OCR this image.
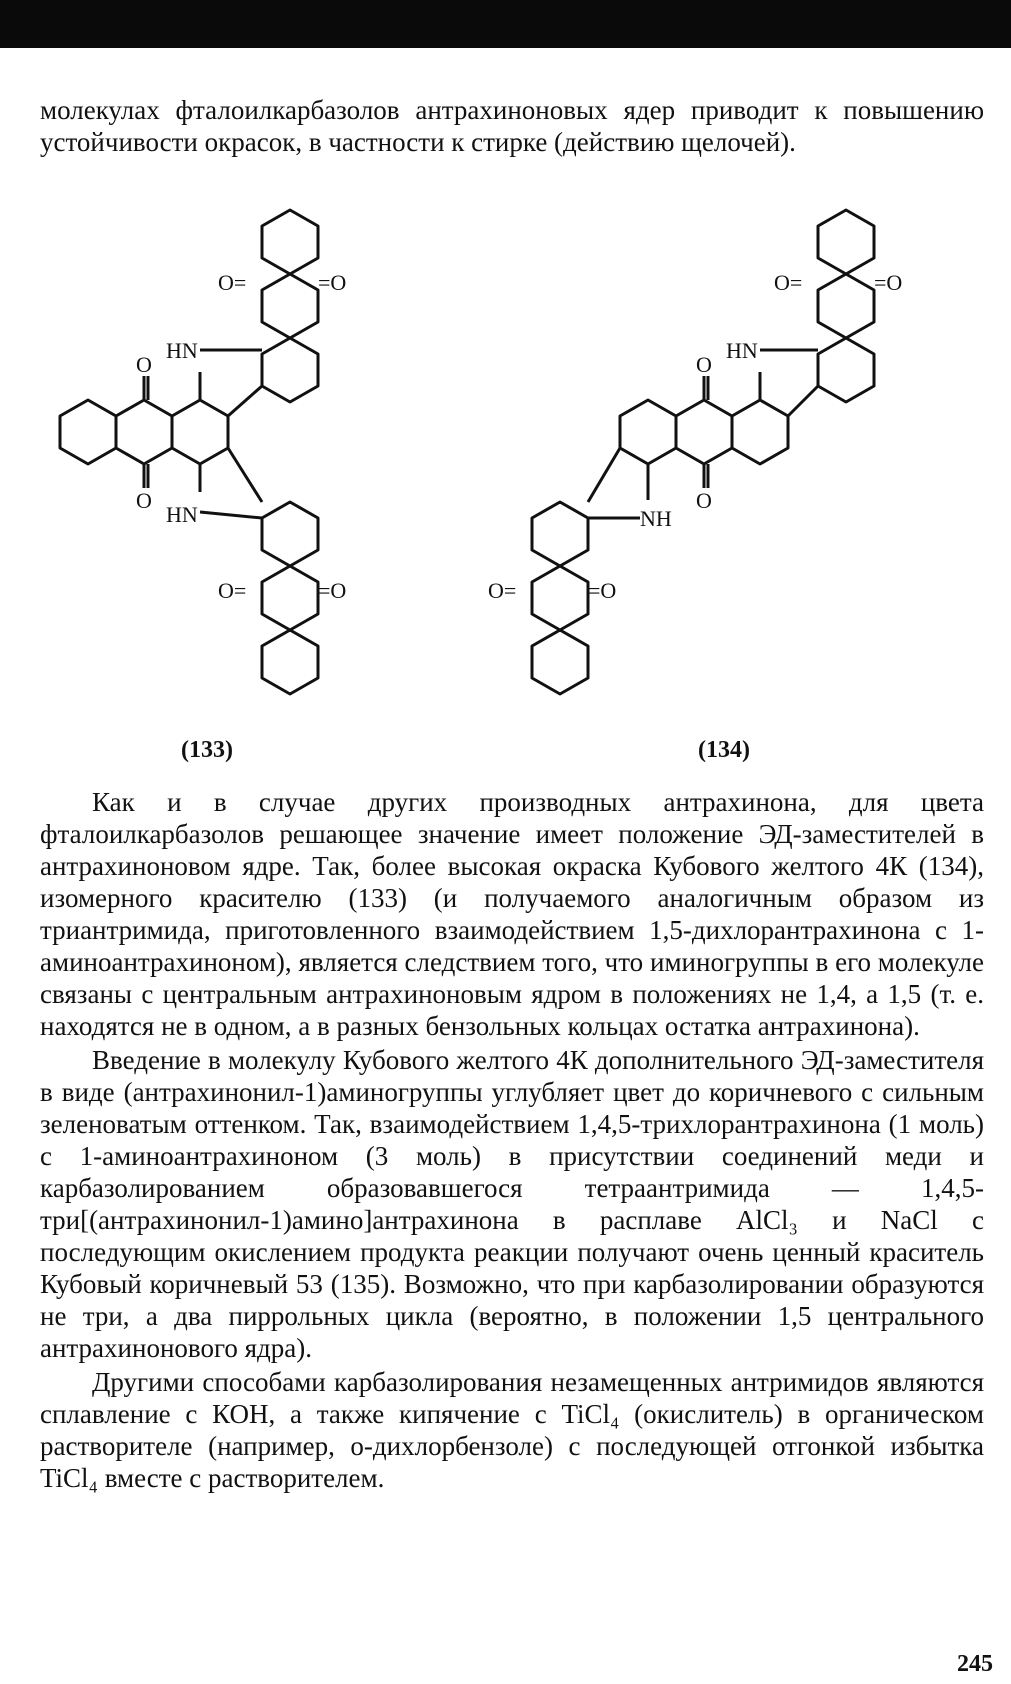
молекулах фталоилкарбазолов антрахиноновых ядер приводит к повышению устойчивости окрасок, в частности к стирке (действию щелочей).

O=	=O
HN
O
O
HN
O=	=O
O=	=O
HN
O
O
NH
O=	=O
(133)	(134)

Как и в случае других производных антрахинона, для цвета фталоилкарбазолов решающее значение имеет положение ЭД-заместителей в антрахиноновом ядре. Так, более высокая окраска Кубового желтого 4К (134), изомерного красителю (133) (и получаемого аналогичным образом из триантримида, приготовленного взаимодействием 1,5-дихлорантрахинона с 1-аминоантрахиноном), является следствием того, что иминогруппы в его молекуле связаны с центральным антрахиноновым ядром в положениях не 1,4, а 1,5 (т. е. находятся не в одном, а в разных бензольных кольцах остатка антрахинона).

Введение в молекулу Кубового желтого 4К дополнительного ЭД-заместителя в виде (антрахинонил-1)аминогруппы углубляет цвет до коричневого с сильным зеленоватым оттенком. Так, взаимодействием 1,4,5-трихлорантрахинона (1 моль) с 1-аминоантрахиноном (3 моль) в присутствии соединений меди и карбазолированием образовавшегося тетраантримида — 1,4,5-три[(антрахинонил-1)амино]антрахинона в расплаве AlCl₃ и NaCl с последующим окислением продукта реакции получают очень ценный краситель Кубовый коричневый 53 (135). Возможно, что при карбазолировании образуются не три, а два пиррольных цикла (вероятно, в положении 1,5 центрального антрахинонового ядра).

Другими способами карбазолирования незамещенных антримидов являются сплавление с КОН, а также кипячение с TiCl₄ (окислитель) в органическом растворителе (например, о-дихлорбензоле) с последующей отгонкой избытка TiCl₄ вместе с растворителем.

245
